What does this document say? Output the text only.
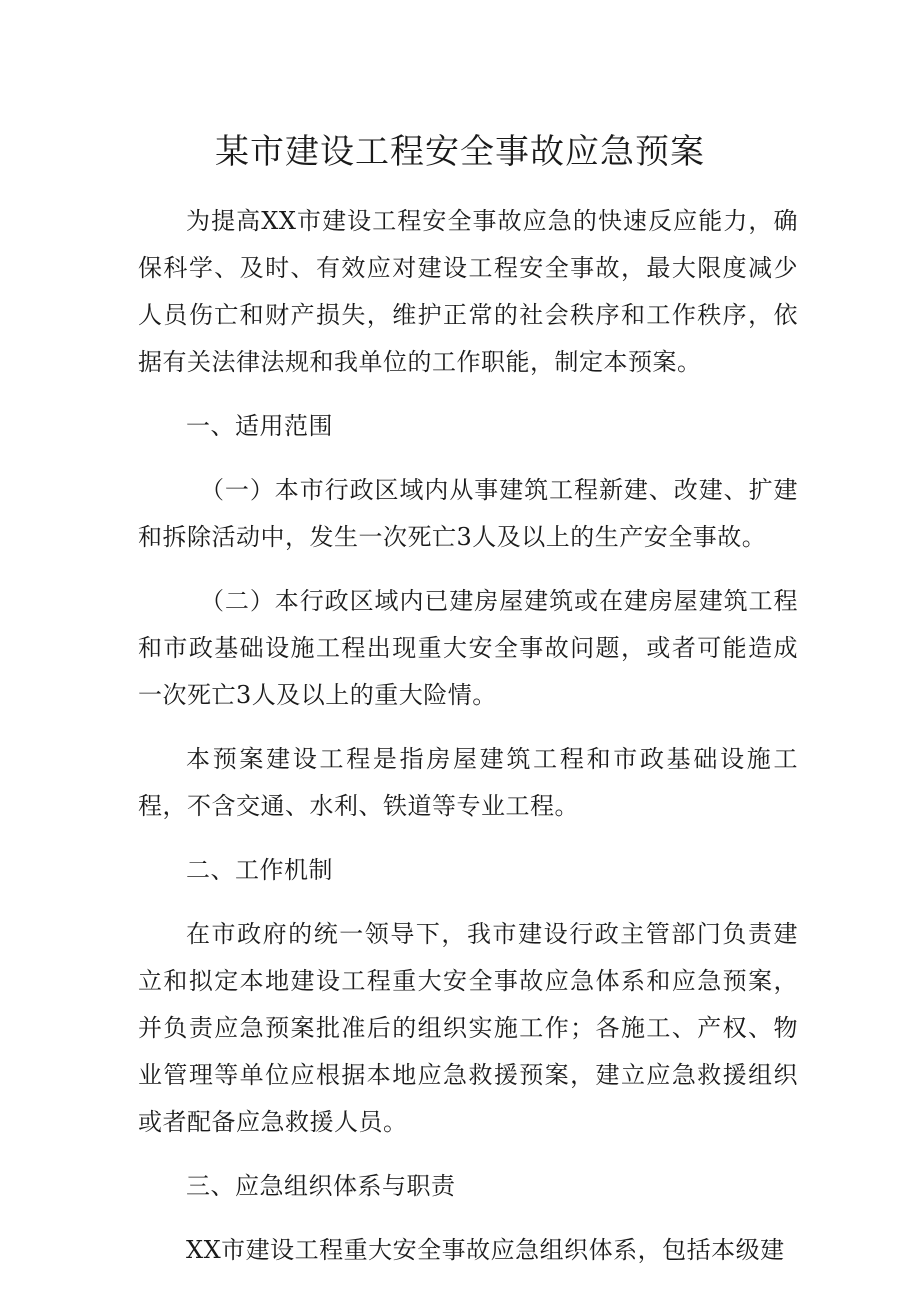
某市建设工程安全事故应急预案

为提高XX市建设工程安全事故应急的快速反应能力，确保科学、及时、有效应对建设工程安全事故，最大限度减少人员伤亡和财产损失，维护正常的社会秩序和工作秩序，依据有关法律法规和我单位的工作职能，制定本预案。

一、适用范围

（一）本市行政区域内从事建筑工程新建、改建、扩建和拆除活动中，发生一次死亡3人及以上的生产安全事故。

（二）本行政区域内已建房屋建筑或在建房屋建筑工程和市政基础设施工程出现重大安全事故问题，或者可能造成一次死亡3人及以上的重大险情。

本预案建设工程是指房屋建筑工程和市政基础设施工程，不含交通、水利、铁道等专业工程。

二、工作机制

在市政府的统一领导下，我市建设行政主管部门负责建立和拟定本地建设工程重大安全事故应急体系和应急预案，并负责应急预案批准后的组织实施工作；各施工、产权、物业管理等单位应根据本地应急救援预案，建立应急救援组织或者配备应急救援人员。

三、应急组织体系与职责

XX市建设工程重大安全事故应急组织体系，包括本级建
